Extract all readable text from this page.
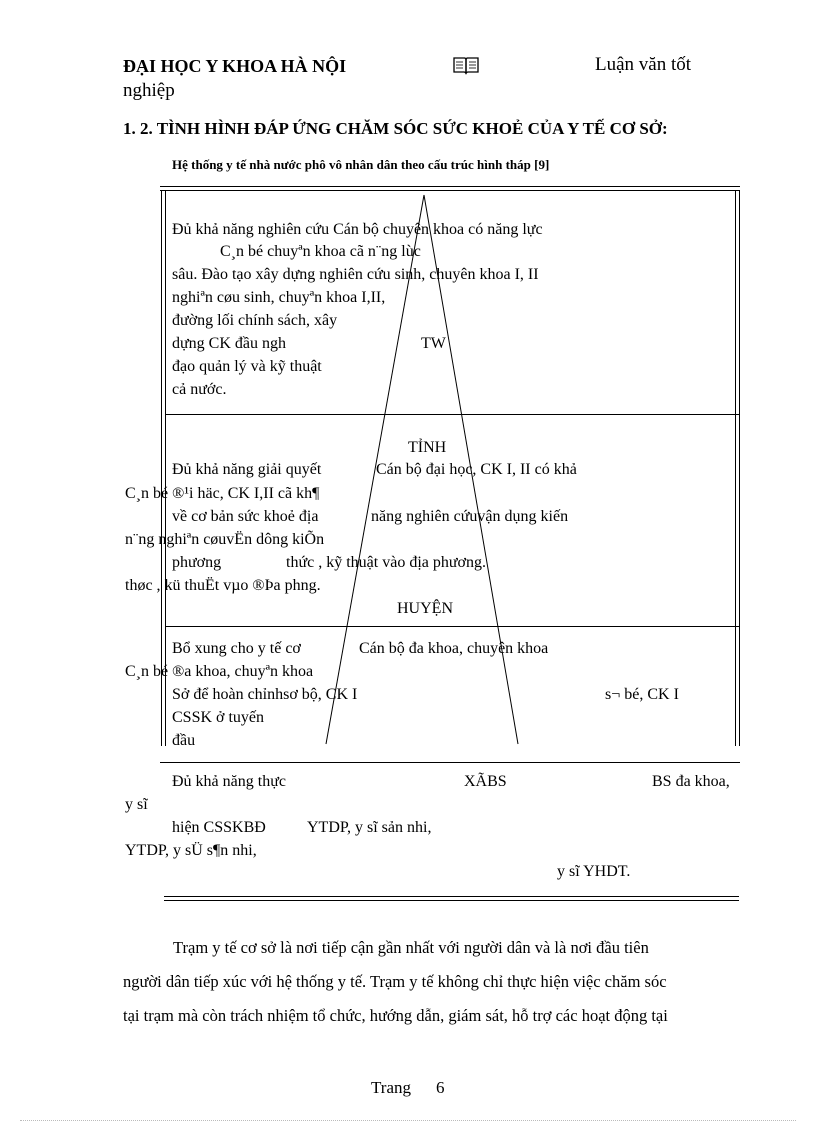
ĐẠI HỌC Y KHOA HÀ NỘI	Luận văn tốt
nghiệp
1. 2. TÌNH HÌNH ĐÁP ỨNG CHĂM SÓC SỨC KHOẺ CỦA Y TẾ CƠ SỞ:
Hệ thống y tế nhà nước phô vô nhân dân theo cấu trúc hình tháp [9]
Đủ khả năng nghiên cứu Cán bộ chuyên khoa có năng lực
C¸n bé chuyªn khoa cã n¨ng lùc
sâu. Đào tạo xây dựng nghiên cứu sinh, chuyên khoa I, II
nghiªn cøu sinh, chuyªn khoa I,II,
đường lối chính sách, xây
dựng CK đầu ngh	TW
đạo quản lý và kỹ thuật
cả nước.
TỈNH
Đủ khả năng giải quyết	Cán bộ đại học, CK I, II có khả
C¸n bé ®¹i häc, CK I,II cã kh¶
về cơ bản sức khoẻ địa	năng nghiên cứuvận dụng kiến
n¨ng nghiªn cøuvËn dông kiÕn
phương	thức , kỹ thuật vào địa phương.
thøc , kü thuËt vµo ®Þa phng.
HUYỆN
Bổ xung cho y tế cơ	Cán bộ đa khoa, chuyên khoa
C¸n bé ®a khoa, chuyªn khoa
Sở để hoàn chỉnhsơ bộ, CK I	s¬ bé, CK I
CSSK ở tuyến
đầu
Đủ khả năng thực	XÃBS	BS đa khoa,
y sĩ
hiện CSSKBĐ	YTDP, y sĩ sản nhi,
YTDP, y sÜ s¶n nhi,
y sĩ YHDT.
Trạm y tế cơ sở là nơi tiếp cận gần nhất với người dân và là nơi đầu tiên
người dân tiếp xúc với hệ thống y tế. Trạm y tế không chỉ thực hiện việc chăm sóc
tại trạm mà còn trách nhiệm tổ chức, hướng dẫn, giám sát, hỗ trợ các hoạt động tại
Trang 6
